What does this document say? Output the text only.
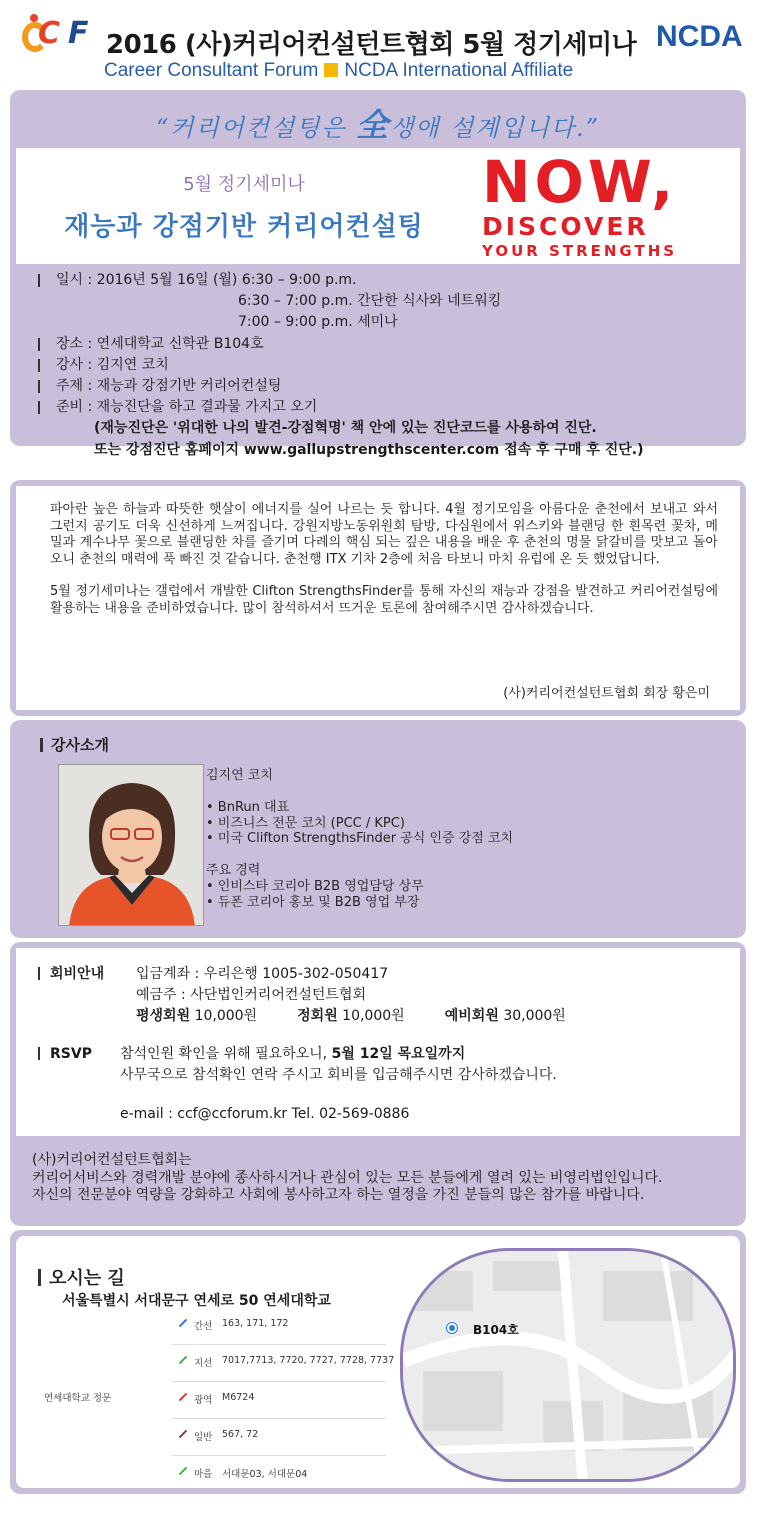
C F 2016 (사)커리어컨설턴트협회 5월 정기세미나 NCDA
Career Consultant Forum NCDA International Affiliate
“커리어컨설팅은 全생애 설계입니다.”
5월 정기세미나
재능과 강점기반 커리어컨설팅
NOW,
DISCOVER
YOUR STRENGTHS
일시 : 2016년 5월 16일 (월) 6:30 – 9:00 p.m.
6:30 – 7:00 p.m. 간단한 식사와 네트워킹
7:00 – 9:00 p.m. 세미나
장소 : 연세대학교 신학관 B104호
강사 : 김지연 코치
주제 : 재능과 강점기반 커리어컨설팅
준비 : 재능진단을 하고 결과물 가지고 오기
(재능진단은 '위대한 나의 발견-강점혁명' 책 안에 있는 진단코드를 사용하여 진단.
또는 강점진단 홈페이지 www.gallupstrengthscenter.com 접속 후 구매 후 진단.)

파아란 높은 하늘과 따뜻한 햇살이 에너지를 실어 나르는 듯 합니다. 4월 정기모임을 아름다운 춘천에서 보내고 와서 그런지 공기도 더욱 신선하게 느껴집니다. 강원지방노동위원회 탐방, 다심원에서 위스키와 블랜딩 한 흰목련 꽃차, 메밀과 계수나무 꽃으로 블랜딩한 차를 즐기며 다례의 핵심 되는 깊은 내용을 배운 후 춘천의 명물 닭갈비를 맛보고 돌아오니 춘천의 매력에 푹 빠진 것 같습니다. 춘천행 ITX 기차 2층에 처음 타보니 마치 유럽에 온 듯 했었답니다.

5월 정기세미나는 갤럽에서 개발한 Clifton StrengthsFinder를 통해 자신의 재능과 강점을 발견하고 커리어컨설팅에 활용하는 내용을 준비하였습니다. 많이 참석하셔서 뜨거운 토론에 참여해주시면 감사하겠습니다.

(사)커리어컨설턴트협회 회장 황은미
강사소개
김지연 코치
• BnRun 대표
• 비즈니스 전문 코치 (PCC / KPC)
• 미국 Clifton StrengthsFinder 공식 인증 강점 코치
주요 경력
• 인비스타 코리아 B2B 영업담당 상무
• 듀폰 코리아 홍보 및 B2B 영업 부장
회비안내 입금계좌 : 우리은행 1005-302-050417
예금주 : 사단법인커리어컨설턴트협회
평생회원 10,000원	정회원 10,000원	예비회원 30,000원
RSVP 참석인원 확인을 위해 필요하오니, 5월 12일 목요일까지
사무국으로 참석확인 연락 주시고 회비를 입금해주시면 감사하겠습니다.
e-mail : ccf@ccforum.kr Tel. 02-569-0886
(사)커리어컨설턴트협회는
커리어서비스와 경력개발 분야에 종사하시거나 관심이 있는 모든 분들에게 열려 있는 비영리법인입니다.
자신의 전문분야 역량을 강화하고 사회에 봉사하고자 하는 열정을 가진 분들의 많은 참가를 바랍니다.
오시는 길
서울특별시 서대문구 연세로 50 연세대학교
연세대학교 정문
간선 163, 171, 172
지선 7017,7713, 7720, 7727, 7728, 7737
광역 M6724
일반 567, 72
마을 서대문03, 서대문04
B104호
